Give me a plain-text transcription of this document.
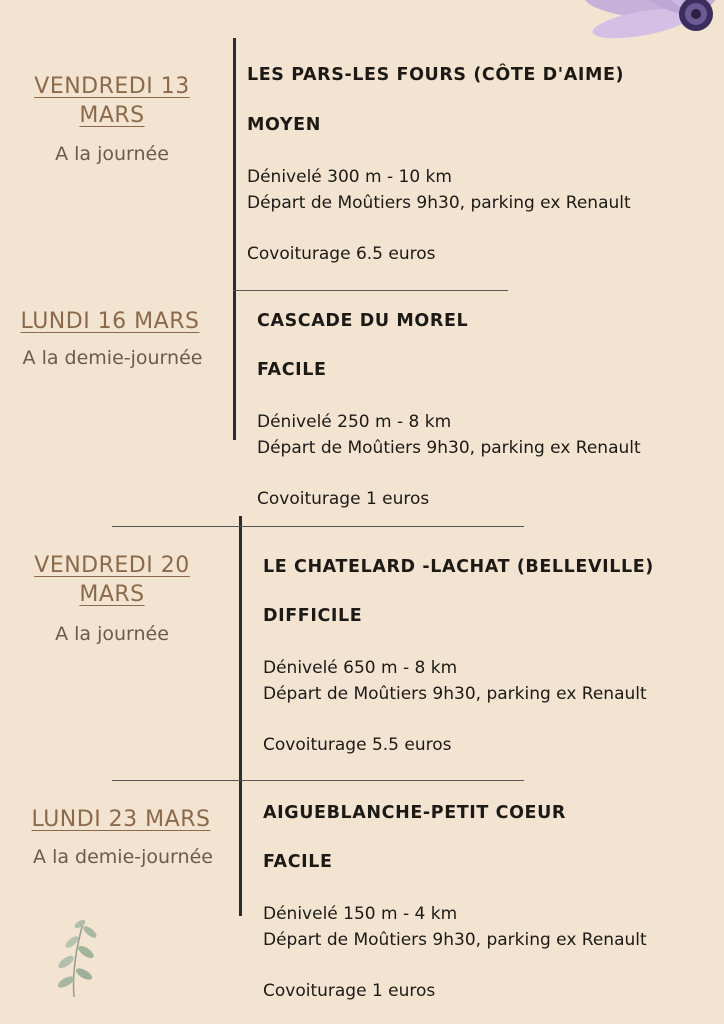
VENDREDI 13
MARS
A la journée
LES PARS-LES FOURS (CÔTE D'AIME)
MOYEN
Dénivelé 300 m - 10 km
Départ de Moûtiers 9h30, parking ex Renault
Covoiturage 6.5 euros
LUNDI 16 MARS
A la demie-journée
CASCADE DU MOREL
FACILE
Dénivelé 250 m - 8 km
Départ de Moûtiers 9h30, parking ex Renault
Covoiturage 1 euros
VENDREDI 20
MARS
A la journée
LE CHATELARD -LACHAT (BELLEVILLE)
DIFFICILE
Dénivelé 650 m - 8 km
Départ de Moûtiers 9h30, parking ex Renault
Covoiturage 5.5 euros
LUNDI 23 MARS
A la demie-journée
AIGUEBLANCHE-PETIT COEUR
FACILE
Dénivelé 150 m - 4 km
Départ de Moûtiers 9h30, parking ex Renault
Covoiturage 1 euros
